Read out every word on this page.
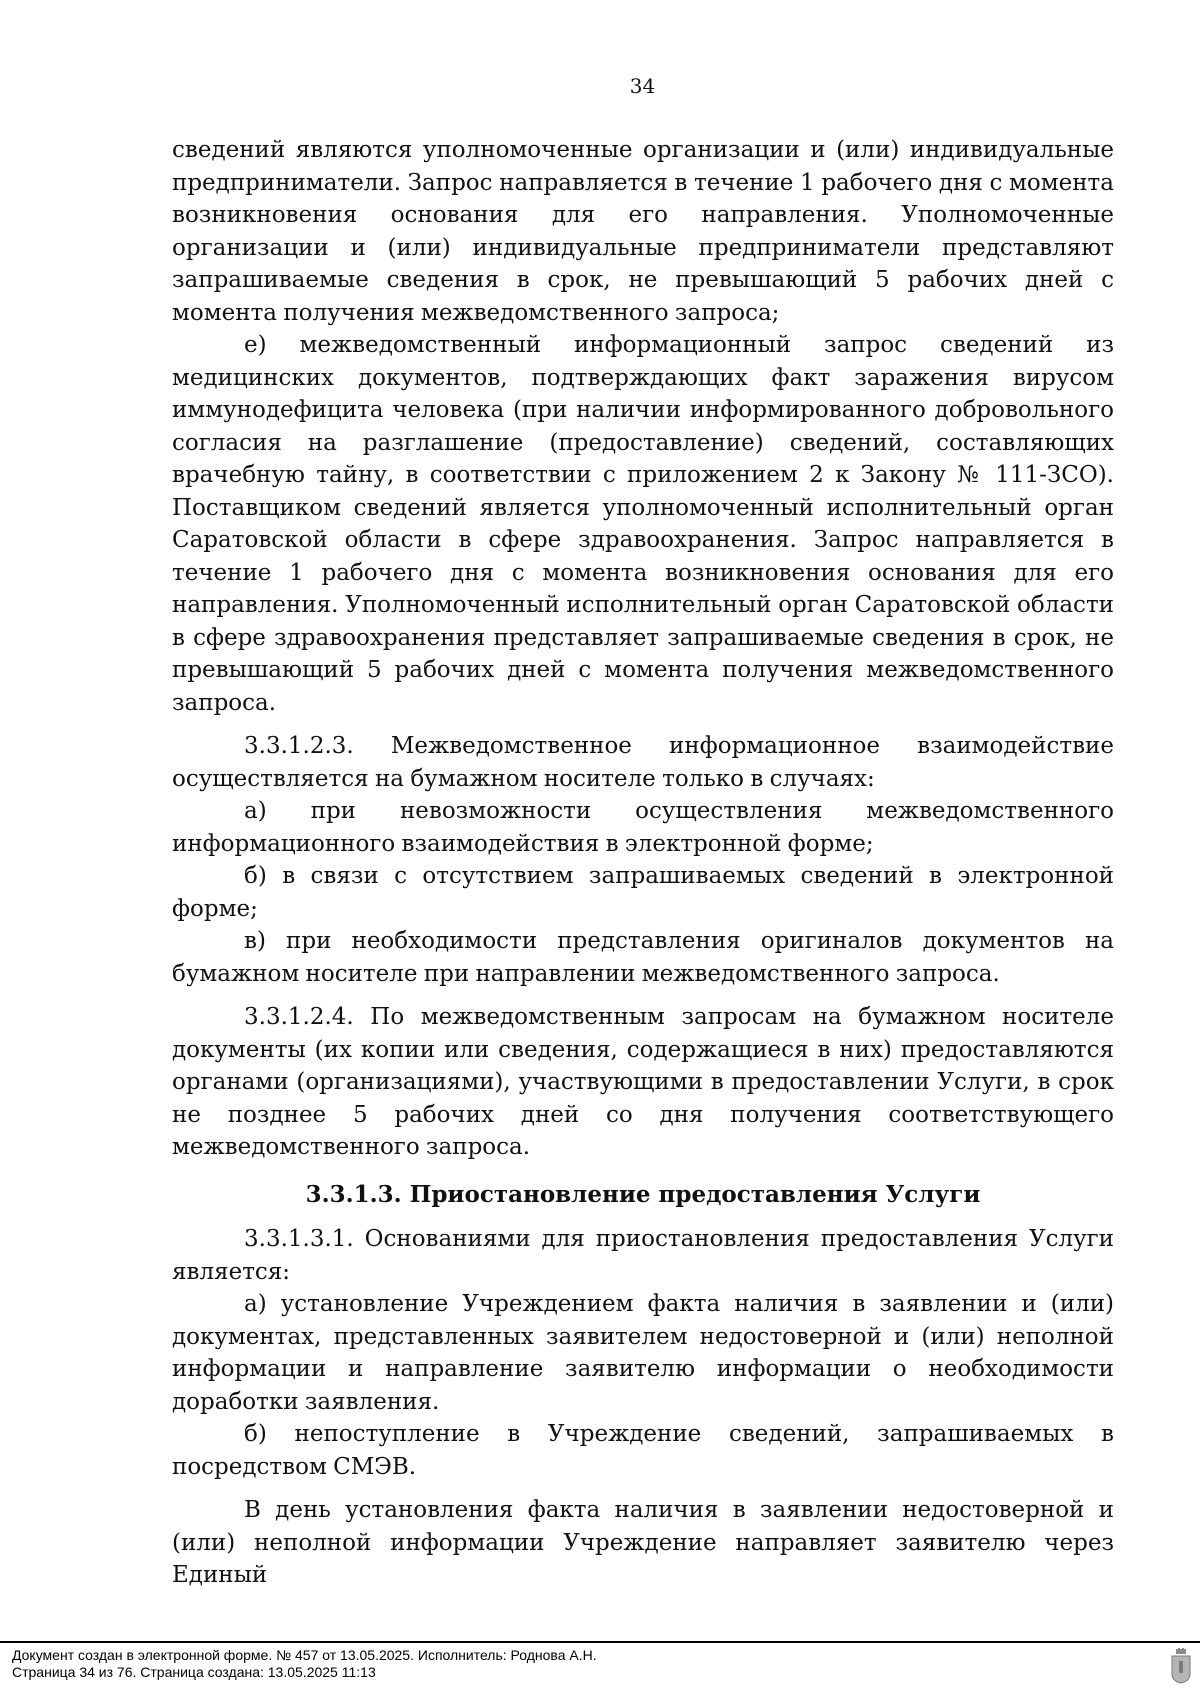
34

сведений являются уполномоченные организации и (или) индивидуальные предприниматели. Запрос направляется в течение 1 рабочего дня с момента возникновения основания для его направления. Уполномоченные организации и (или) индивидуальные предприниматели представляют запрашиваемые сведения в срок, не превышающий 5 рабочих дней с момента получения межведомственного запроса;

е) межведомственный информационный запрос сведений из медицинских документов, подтверждающих факт заражения вирусом иммунодефицита человека (при наличии информированного добровольного согласия на разглашение (предоставление) сведений, составляющих врачебную тайну, в соответствии с приложением 2 к Закону № 111-ЗСО). Поставщиком сведений является уполномоченный исполнительный орган Саратовской области в сфере здравоохранения. Запрос направляется в течение 1 рабочего дня с момента возникновения основания для его направления. Уполномоченный исполнительный орган Саратовской области в сфере здравоохранения представляет запрашиваемые сведения в срок, не превышающий 5 рабочих дней с момента получения межведомственного запроса.

3.3.1.2.3. Межведомственное информационное взаимодействие осуществляется на бумажном носителе только в случаях:

а) при невозможности осуществления межведомственного информационного взаимодействия в электронной форме;

б) в связи с отсутствием запрашиваемых сведений в электронной форме;

в) при необходимости представления оригиналов документов на бумажном носителе при направлении межведомственного запроса.

3.3.1.2.4. По межведомственным запросам на бумажном носителе документы (их копии или сведения, содержащиеся в них) предоставляются органами (организациями), участвующими в предоставлении Услуги, в срок не позднее 5 рабочих дней со дня получения соответствующего межведомственного запроса.

3.3.1.3. Приостановление предоставления Услуги

3.3.1.3.1. Основаниями для приостановления предоставления Услуги является:

а) установление Учреждением факта наличия в заявлении и (или) документах, представленных заявителем недостоверной и (или) неполной информации и направление заявителю информации о необходимости доработки заявления.

б) непоступление в Учреждение сведений, запрашиваемых в посредством СМЭВ.

В день установления факта наличия в заявлении недостоверной и (или) неполной информации Учреждение направляет заявителю через Единый

Документ создан в электронной форме. № 457 от 13.05.2025. Исполнитель: Роднова А.Н.
Страница 34 из 76. Страница создана: 13.05.2025 11:13
